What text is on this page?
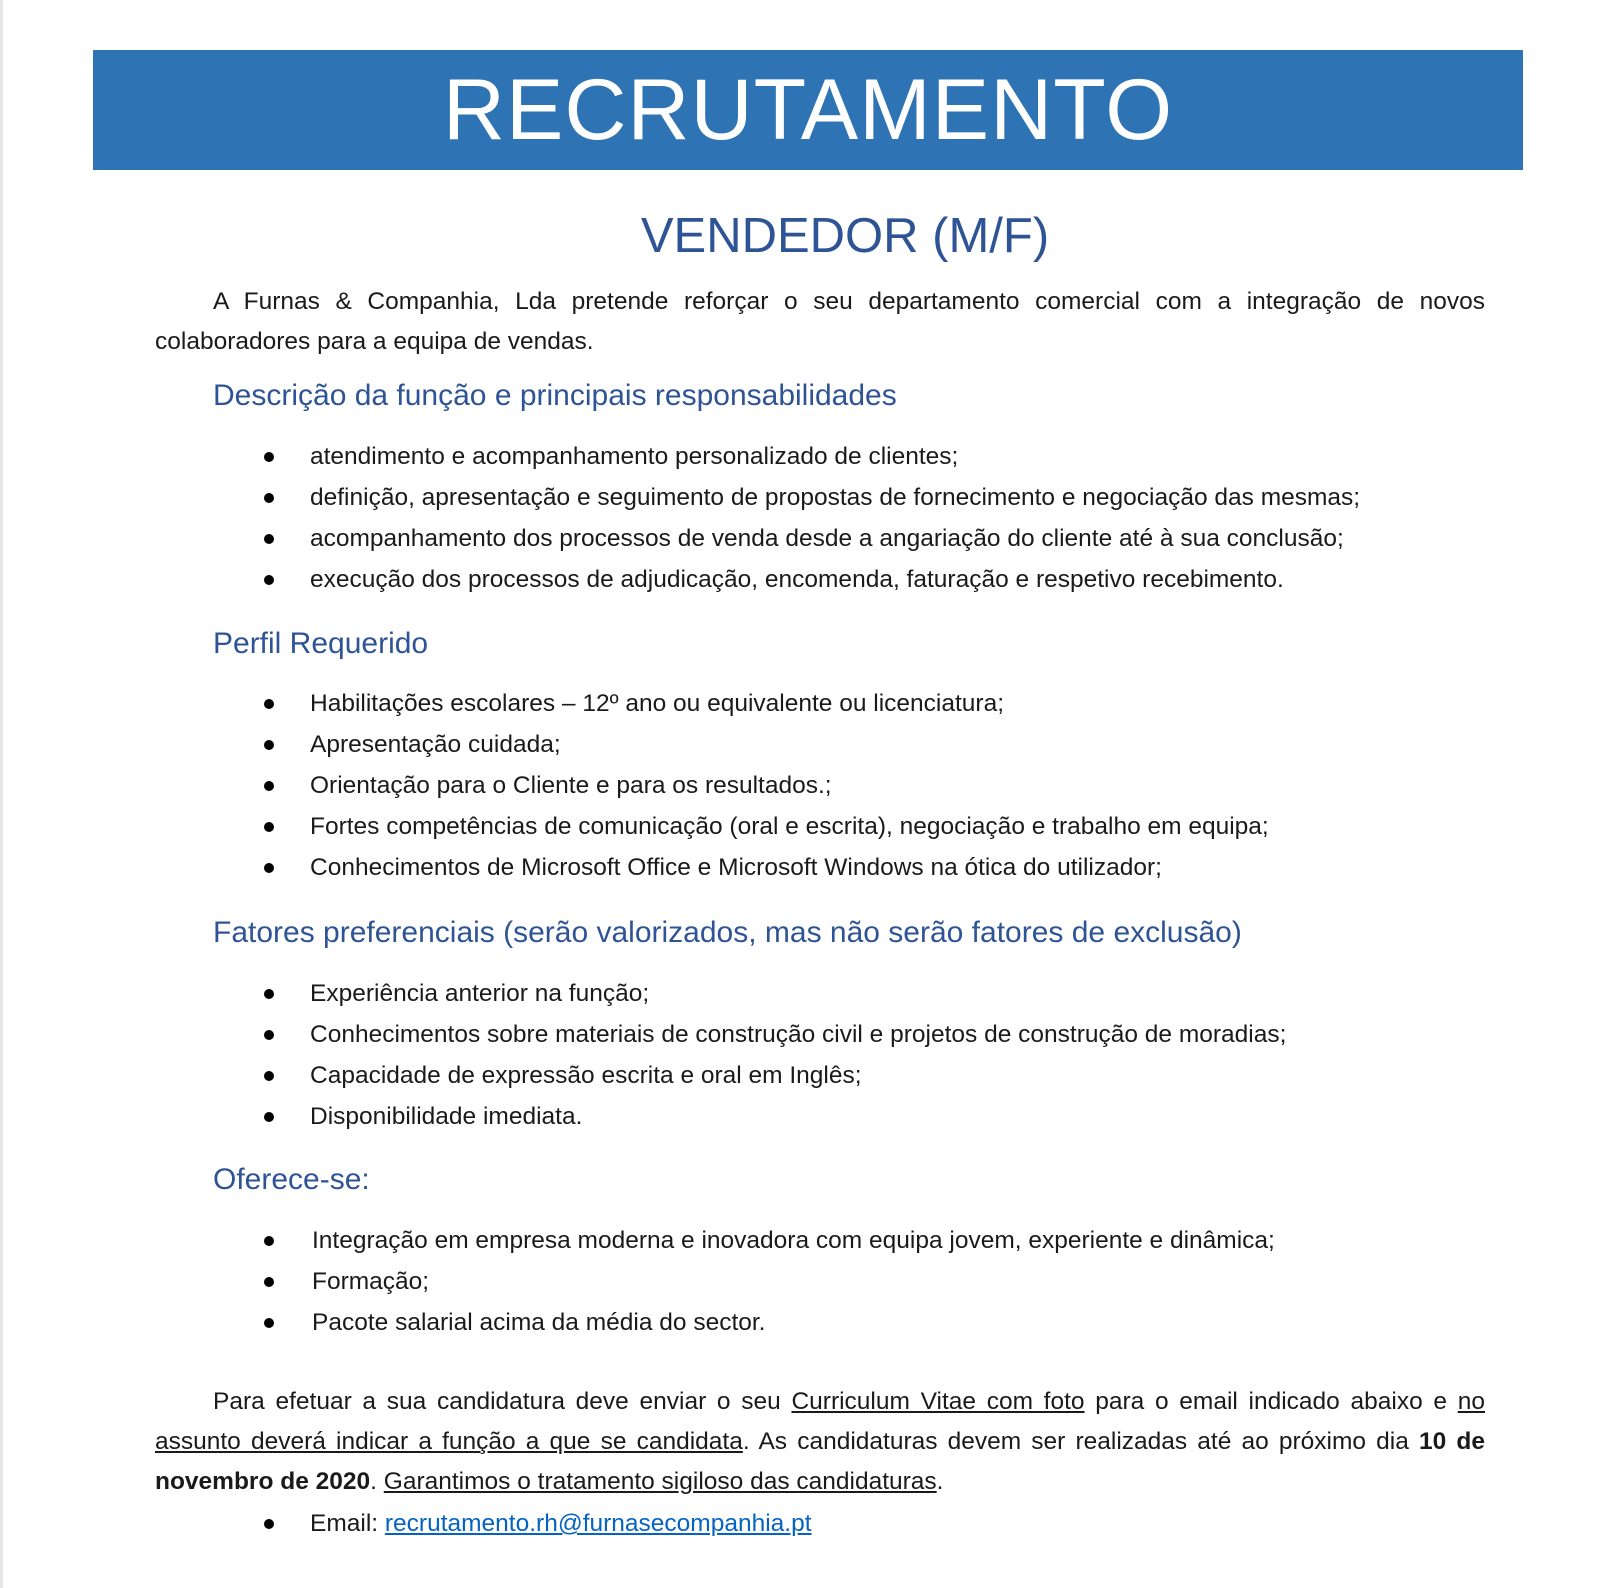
RECRUTAMENTO
VENDEDOR (M/F)

A Furnas & Companhia, Lda pretende reforçar o seu departamento comercial com a integração de novos colaboradores para a equipa de vendas.

Descrição da função e principais responsabilidades
atendimento e acompanhamento personalizado de clientes;
definição, apresentação e seguimento de propostas de fornecimento e negociação das mesmas;
acompanhamento dos processos de venda desde a angariação do cliente até à sua conclusão;
execução dos processos de adjudicação, encomenda, faturação e respetivo recebimento.
Perfil Requerido
Habilitações escolares – 12º ano ou equivalente ou licenciatura;
Apresentação cuidada;
Orientação para o Cliente e para os resultados.;
Fortes competências de comunicação (oral e escrita), negociação e trabalho em equipa;
Conhecimentos de Microsoft Office e Microsoft Windows na ótica do utilizador;
Fatores preferenciais (serão valorizados, mas não serão fatores de exclusão)
Experiência anterior na função;
Conhecimentos sobre materiais de construção civil e projetos de construção de moradias;
Capacidade de expressão escrita e oral em Inglês;
Disponibilidade imediata.
Oferece-se:
Integração em empresa moderna e inovadora com equipa jovem, experiente e dinâmica;
Formação;
Pacote salarial acima da média do sector.

Para efetuar a sua candidatura deve enviar o seu Curriculum Vitae com foto para o email indicado abaixo e no assunto deverá indicar a função a que se candidata. As candidaturas devem ser realizadas até ao próximo dia 10 de novembro de 2020. Garantimos o tratamento sigiloso das candidaturas.

Email: recrutamento.rh@furnasecompanhia.pt
